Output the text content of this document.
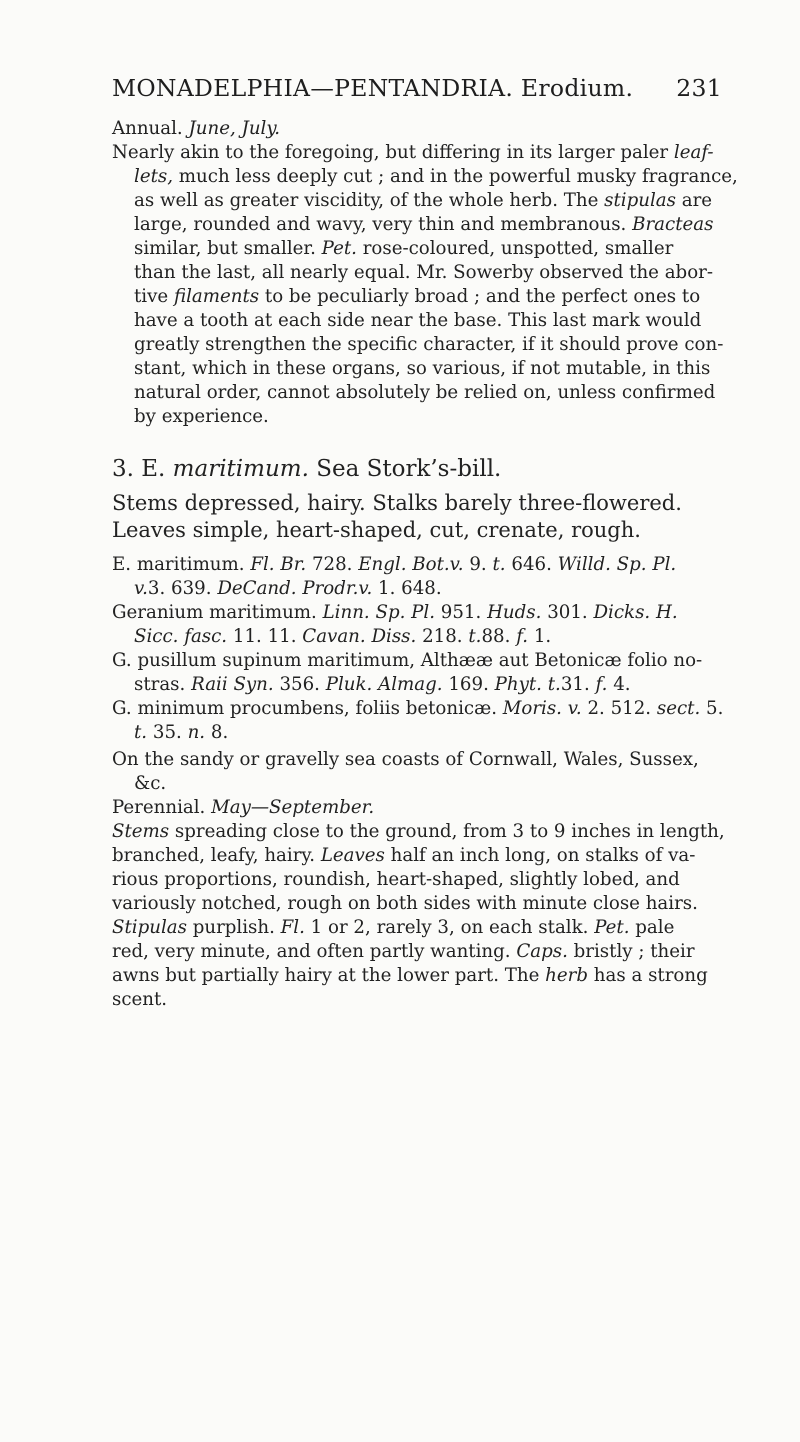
MONADELPHIA—PENTANDRIA. Erodium. 231
Annual. June, July.
Nearly akin to the foregoing, but differing in its larger paler leaf-
lets, much less deeply cut ; and in the powerful musky fragrance,
as well as greater viscidity, of the whole herb. The stipulas are
large, rounded and wavy, very thin and membranous. Bracteas
similar, but smaller. Pet. rose-coloured, unspotted, smaller
than the last, all nearly equal. Mr. Sowerby observed the abor-
tive filaments to be peculiarly broad ; and the perfect ones to
have a tooth at each side near the base. This last mark would
greatly strengthen the specific character, if it should prove con-
stant, which in these organs, so various, if not mutable, in this
natural order, cannot absolutely be relied on, unless confirmed
by experience.
3. E. maritimum. Sea Stork’s-bill.
Stems depressed, hairy. Stalks barely three-flowered.
Leaves simple, heart-shaped, cut, crenate, rough.
E. maritimum. Fl. Br. 728. Engl. Bot.v. 9. t. 646. Willd. Sp. Pl.
v.3. 639. DeCand. Prodr.v. 1. 648.
Geranium maritimum. Linn. Sp. Pl. 951. Huds. 301. Dicks. H.
Sicc. fasc. 11. 11. Cavan. Diss. 218. t.88. f. 1.
G. pusillum supinum maritimum, Althææ aut Betonicæ folio no-
stras. Raii Syn. 356. Pluk. Almag. 169. Phyt. t.31. f. 4.
G. minimum procumbens, foliis betonicæ. Moris. v. 2. 512. sect. 5.
t. 35. n. 8.
On the sandy or gravelly sea coasts of Cornwall, Wales, Sussex,
&c.
Perennial. May—September.
Stems spreading close to the ground, from 3 to 9 inches in length,
branched, leafy, hairy. Leaves half an inch long, on stalks of va-
rious proportions, roundish, heart-shaped, slightly lobed, and
variously notched, rough on both sides with minute close hairs.
Stipulas purplish. Fl. 1 or 2, rarely 3, on each stalk. Pet. pale
red, very minute, and often partly wanting. Caps. bristly ; their
awns but partially hairy at the lower part. The herb has a strong
scent.
